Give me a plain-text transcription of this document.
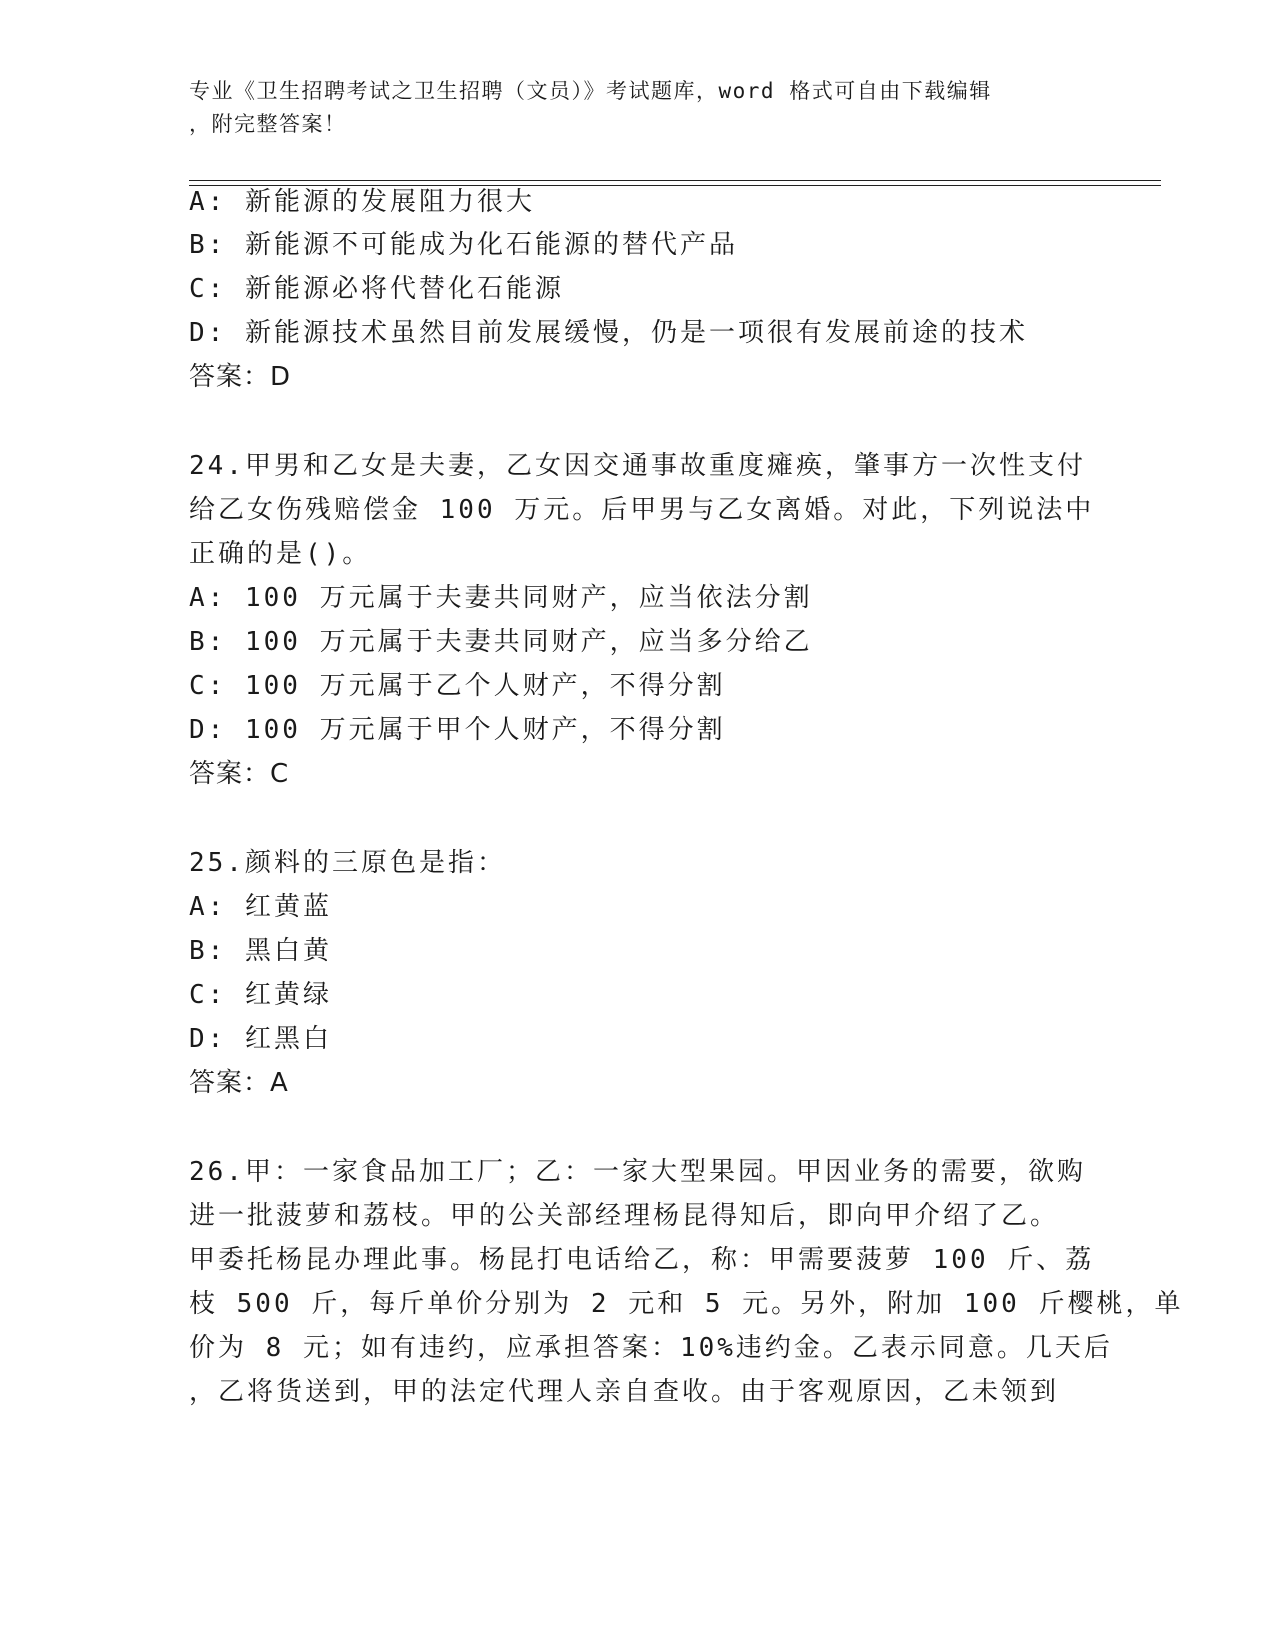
专业《卫生招聘考试之卫生招聘（文员）》考试题库，word 格式可自由下载编辑
，附完整答案！
A: 新能源的发展阻力很大
B: 新能源不可能成为化石能源的替代产品
C: 新能源必将代替化石能源
D: 新能源技术虽然目前发展缓慢，仍是一项很有发展前途的技术
答案：D
24.甲男和乙女是夫妻，乙女因交通事故重度瘫痪，肇事方一次性支付
给乙女伤残赔偿金 100 万元。后甲男与乙女离婚。对此，下列说法中
正确的是()。
A: 100 万元属于夫妻共同财产，应当依法分割
B: 100 万元属于夫妻共同财产，应当多分给乙
C: 100 万元属于乙个人财产，不得分割
D: 100 万元属于甲个人财产，不得分割
答案：C
25.颜料的三原色是指：
A: 红黄蓝
B: 黑白黄
C: 红黄绿
D: 红黑白
答案：A
26.甲：一家食品加工厂；乙：一家大型果园。甲因业务的需要，欲购
进一批菠萝和荔枝。甲的公关部经理杨昆得知后，即向甲介绍了乙。
甲委托杨昆办理此事。杨昆打电话给乙，称：甲需要菠萝 100 斤、荔
枝 500 斤，每斤单价分别为 2 元和 5 元。另外，附加 100 斤樱桃，单
价为 8 元；如有违约，应承担答案：10%违约金。乙表示同意。几天后
，乙将货送到，甲的法定代理人亲自查收。由于客观原因，乙未领到
